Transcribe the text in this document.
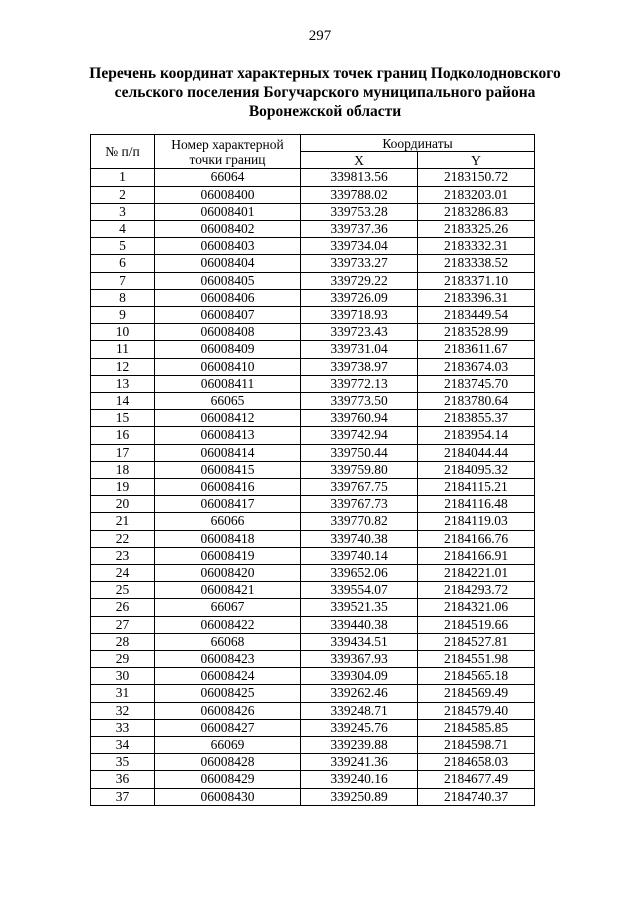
297
Перечень координат характерных точек границ Подколодновского
сельского поселения Богучарского муниципального района
Воронежской области
№ п/п	Номер характерной точки границ	Координаты	
		X	Y
1	66064	339813.56	2183150.72
2	06008400	339788.02	2183203.01
3	06008401	339753.28	2183286.83
4	06008402	339737.36	2183325.26
5	06008403	339734.04	2183332.31
6	06008404	339733.27	2183338.52
7	06008405	339729.22	2183371.10
8	06008406	339726.09	2183396.31
9	06008407	339718.93	2183449.54
10	06008408	339723.43	2183528.99
11	06008409	339731.04	2183611.67
12	06008410	339738.97	2183674.03
13	06008411	339772.13	2183745.70
14	66065	339773.50	2183780.64
15	06008412	339760.94	2183855.37
16	06008413	339742.94	2183954.14
17	06008414	339750.44	2184044.44
18	06008415	339759.80	2184095.32
19	06008416	339767.75	2184115.21
20	06008417	339767.73	2184116.48
21	66066	339770.82	2184119.03
22	06008418	339740.38	2184166.76
23	06008419	339740.14	2184166.91
24	06008420	339652.06	2184221.01
25	06008421	339554.07	2184293.72
26	66067	339521.35	2184321.06
27	06008422	339440.38	2184519.66
28	66068	339434.51	2184527.81
29	06008423	339367.93	2184551.98
30	06008424	339304.09	2184565.18
31	06008425	339262.46	2184569.49
32	06008426	339248.71	2184579.40
33	06008427	339245.76	2184585.85
34	66069	339239.88	2184598.71
35	06008428	339241.36	2184658.03
36	06008429	339240.16	2184677.49
37	06008430	339250.89	2184740.37
